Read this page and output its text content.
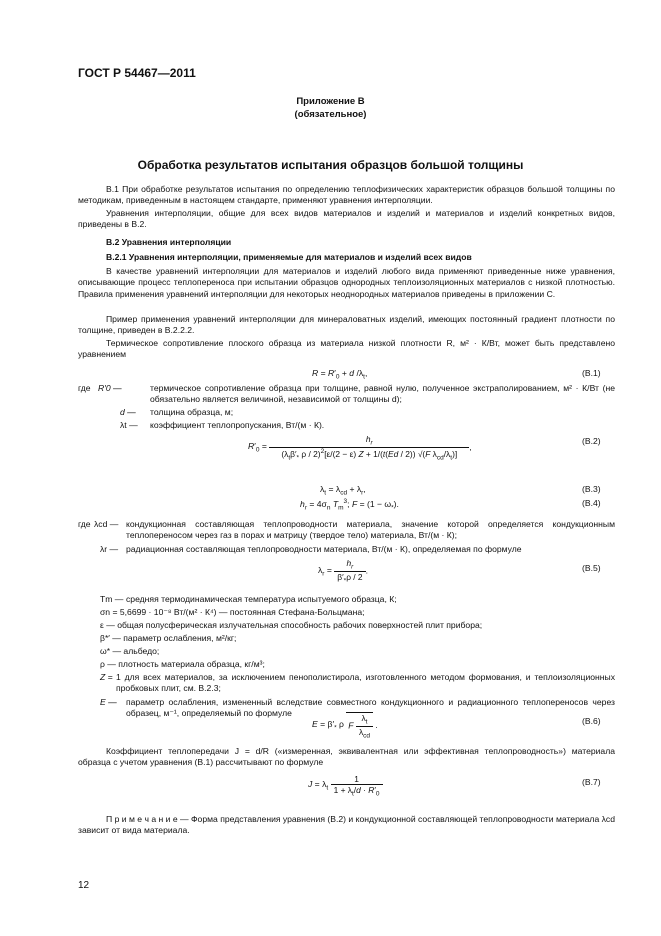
ГОСТ Р 54467—2011
Приложение В
(обязательное)
Обработка результатов испытания образцов большой толщины
В.1 При обработке результатов испытания по определению теплофизических характеристик образцов большой толщины по методикам, приведенным в настоящем стандарте, применяют уравнения интерполяции.
Уравнения интерполяции, общие для всех видов материалов и изделий и материалов и изделий конкретных видов, приведены в В.2.
В.2 Уравнения интерполяции
В.2.1 Уравнения интерполяции, применяемые для материалов и изделий всех видов
В качестве уравнений интерполяции для материалов и изделий любого вида применяют приведенные ниже уравнения, описывающие процесс теплопереноса при испытании образцов однородных теплоизоляционных материалов с низкой плотностью. Правила применения уравнений интерполяции для некоторых неоднородных материалов приведены в приложении С.
Пример применения уравнений интерполяции для минераловатных изделий, имеющих постоянный градиент плотности по толщине, приведен в В.2.2.2.
Термическое сопротивление плоского образца из материала низкой плотности R, м² · К/Вт, может быть представлено уравнением
$R = R'_0 + d$ $/\lambda_t$,	(В.1)
где R′0 —	термическое сопротивление образца при толщине, равной нулю, полученное экстраполированием, м² · К/Вт (не обязательно является величиной, независимой от толщины d);
d — толщина образца, м;
λt — коэффициент теплопропускания, Вт/(м · К).
$R'_0 = \frac{h_r}{(\lambda_t\beta'_* \rho / 2)^2[\varepsilon/(2 - \varepsilon) Z + 1/(t(Ed / 2)) √(F \lambda_{cd}/\lambda_t)]}$ ,
(В.2)
$\lambda_t = \lambda_{cd} + \lambda_r$,	(В.3)
$h_r = 4\sigma_n$ $T_m^3$; $F = (1 - \omega_*)$.	(В.4)
где λcd — кондукционная составляющая теплопроводности материала, значение которой определяется кондукционным теплопереносом через газ в порах и матрицу (твердое тело) материала, Вт/(м · К);
λr — радиационная составляющая теплопроводности материала, Вт/(м · К), определяемая по формуле
$\lambda_r = \frac{h_r}{\beta'_*\rho / 2}$ .	(В.5)
Tm — средняя термодинамическая температура испытуемого образца, К;
σn = 5,6699 · 10⁻⁸ Вт/(м² · К⁴) — постоянная Стефана-Больцмана;
ε — общая полусферическая излучательная способность рабочих поверхностей плит прибора;
β*′ — параметр ослабления, м²/кг;
ω* — альбедо;
ρ — плотность материала образца, кг/м³;
Z = 1 для всех материалов, за исключением пенополистирола, изготовленного методом формования, и теплоизоляционных пробковых плит, см. В.2.3;
E — параметр ослабления, измененный вследствие совместного кондукционного и радиационного теплопереносов через образец, м⁻¹, определяемый по формуле
$E = \beta'_*$ ρ F $\frac{\lambda_t}{\lambda_{cd}}$ .	(В.6)
Коэффициент теплопередачи J = d/R («измеренная, эквивалентная или эффективная теплопроводность») материала образца с учетом уравнения (В.1) рассчитывают по формуле
$J = \lambda_t \frac{1}{1 + \lambda_t/d \cdot R'_0}$	(В.7)
П р и м е ч а н и е — Форма представления уравнения (В.2) и кондукционной составляющей теплопроводности материала λcd зависит от вида материала.
12
